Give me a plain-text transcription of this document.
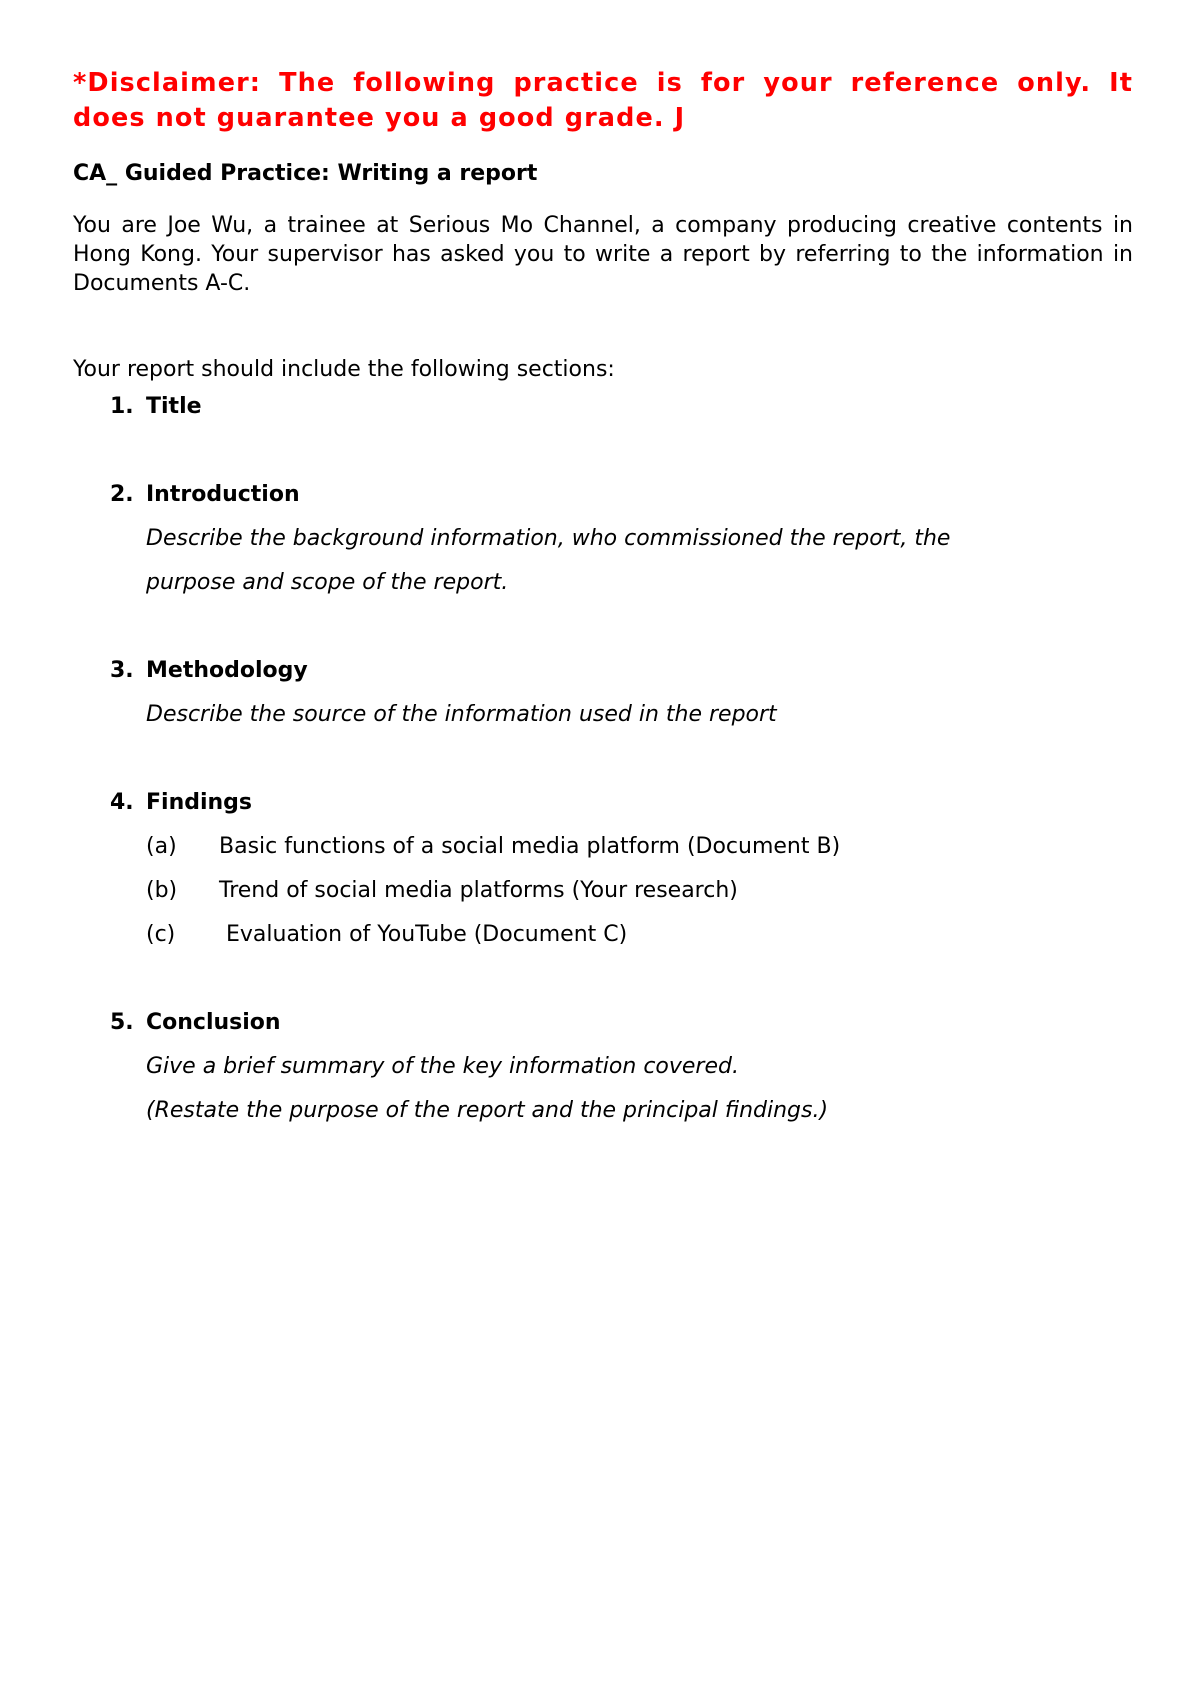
*Disclaimer: The following practice is for your reference only. It does not guarantee you a good grade. J

CA_ Guided Practice: Writing a report

You are Joe Wu, a trainee at Serious Mo Channel, a company producing creative contents in Hong Kong. Your supervisor has asked you to write a report by referring to the information in Documents A-C.

Your report should include the following sections:

1. Title

2. Introduction

Describe the background information, who commissioned the report, the

purpose and scope of the report.

3. Methodology

Describe the source of the information used in the report

4. Findings

(a) Basic functions of a social media platform (Document B)
(b) Trend of social media platforms (Your research)
(c) Evaluation of YouTube (Document C)
5. Conclusion

Give a brief summary of the key information covered.

(Restate the purpose of the report and the principal findings.)
